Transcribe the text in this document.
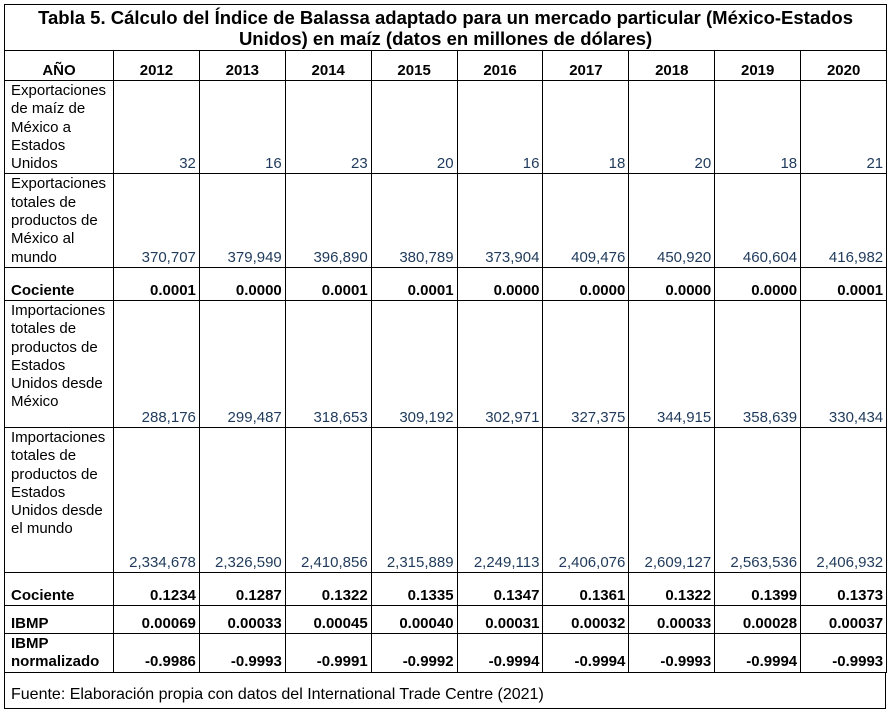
Tabla 5. Cálculo del Índice de Balassa adaptado para un mercado particular (México-Estados Unidos) en maíz (datos en millones de dólares)									
AÑO	2012	2013	2014	2015	2016	2017	2018	2019	2020
Exportaciones de maíz de México a Estados Unidos	32	16	23	20	16	18	20	18	21
Exportaciones totales de productos de México al mundo	370,707	379,949	396,890	380,789	373,904	409,476	450,920	460,604	416,982
Cociente	0.0001	0.0000	0.0001	0.0001	0.0000	0.0000	0.0000	0.0000	0.0001
Importaciones totales de productos de Estados Unidos desde México	288,176	299,487	318,653	309,192	302,971	327,375	344,915	358,639	330,434
Importaciones totales de productos de Estados Unidos desde el mundo	2,334,678	2,326,590	2,410,856	2,315,889	2,249,113	2,406,076	2,609,127	2,563,536	2,406,932
Cociente	0.1234	0.1287	0.1322	0.1335	0.1347	0.1361	0.1322	0.1399	0.1373
IBMP	0.00069	0.00033	0.00045	0.00040	0.00031	0.00032	0.00033	0.00028	0.00037
IBMP normalizado	-0.9986	-0.9993	-0.9991	-0.9992	-0.9994	-0.9994	-0.9993	-0.9994	-0.9993
Fuente: Elaboración propia con datos del International Trade Centre (2021)
